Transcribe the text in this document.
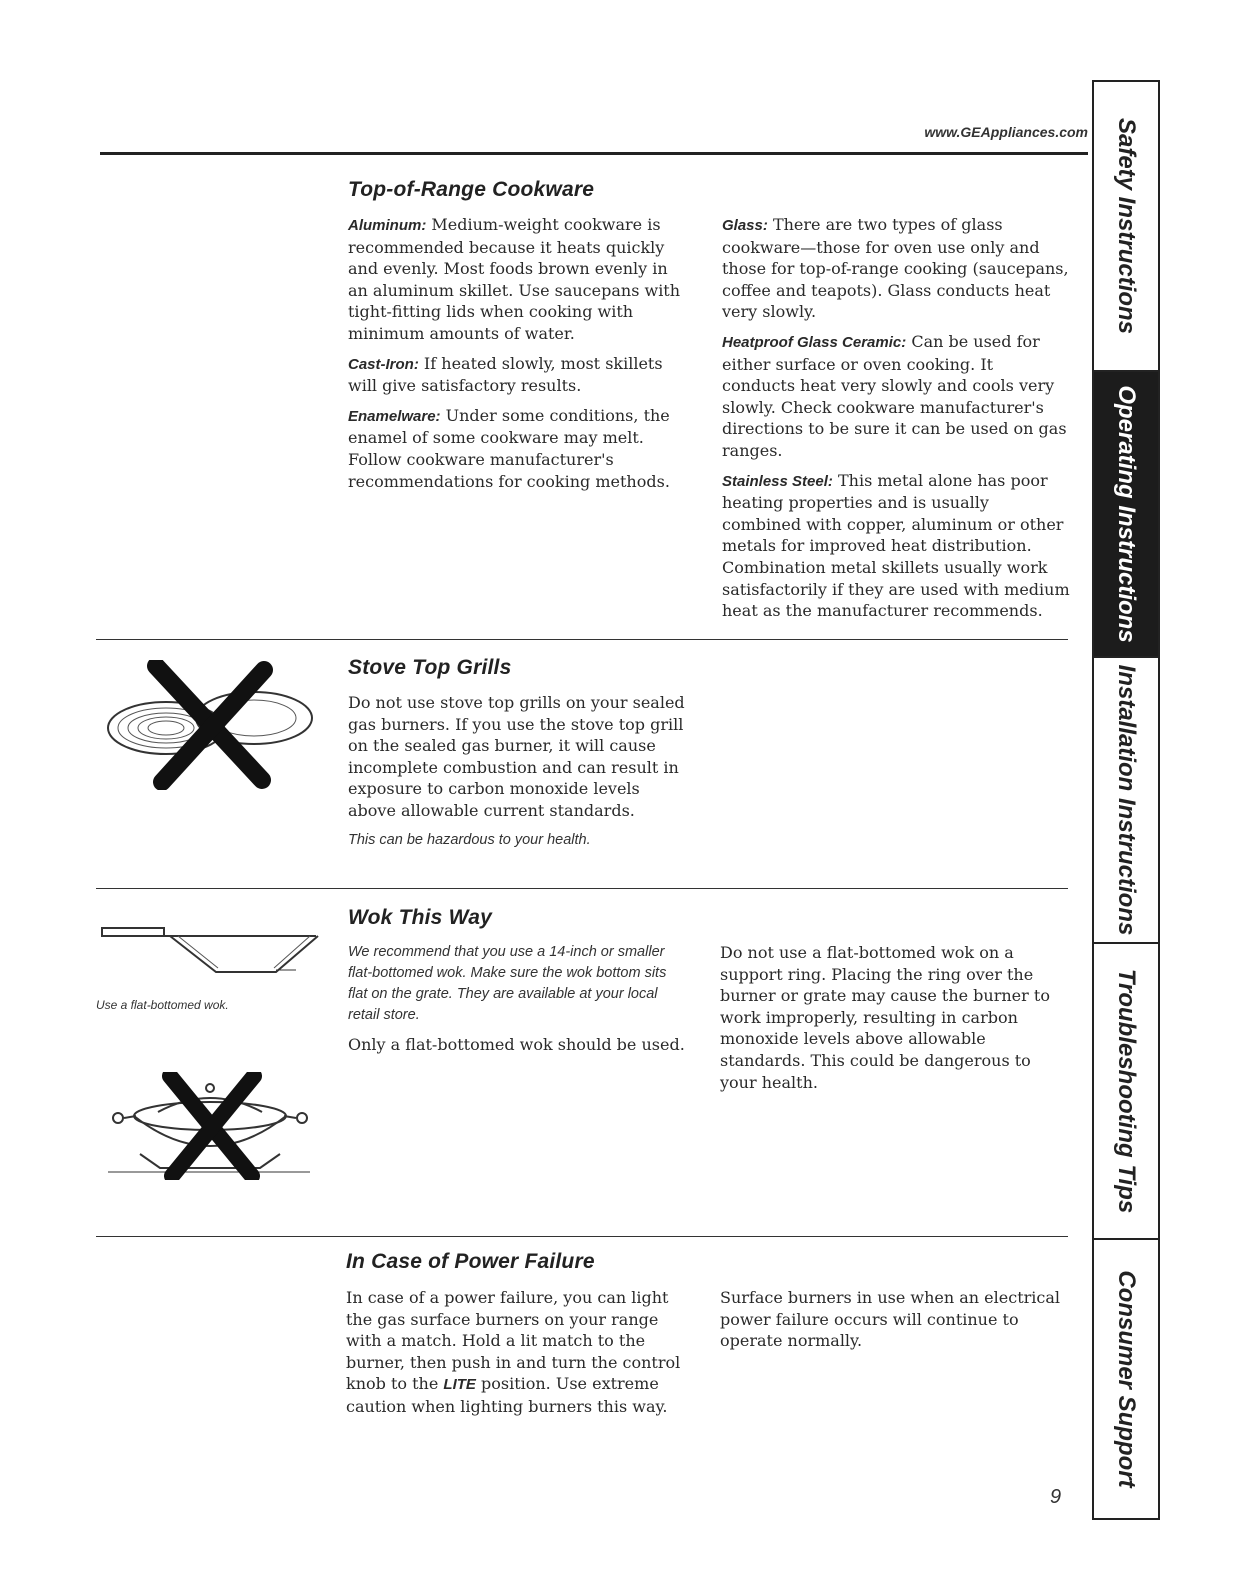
www.GEAppliances.com
Top-of-Range Cookware

Aluminum: Medium-weight cookware is recommended because it heats quickly and evenly. Most foods brown evenly in an aluminum skillet. Use saucepans with tight-fitting lids when cooking with minimum amounts of water.

Cast-Iron: If heated slowly, most skillets will give satisfactory results.

Enamelware: Under some conditions, the enamel of some cookware may melt. Follow cookware manufacturer's recommendations for cooking methods.

Glass: There are two types of glass cookware—those for oven use only and those for top-of-range cooking (saucepans, coffee and teapots). Glass conducts heat very slowly.

Heatproof Glass Ceramic: Can be used for either surface or oven cooking. It conducts heat very slowly and cools very slowly. Check cookware manufacturer's directions to be sure it can be used on gas ranges.

Stainless Steel: This metal alone has poor heating properties and is usually combined with copper, aluminum or other metals for improved heat distribution. Combination metal skillets usually work satisfactorily if they are used with medium heat as the manufacturer recommends.

Stove Top Grills

Do not use stove top grills on your sealed gas burners. If you use the stove top grill on the sealed gas burner, it will cause incomplete combustion and can result in exposure to carbon monoxide levels above allowable current standards.

This can be hazardous to your health.
Use a flat-bottomed wok.
Wok This Way

We recommend that you use a 14-inch or smaller flat-bottomed wok. Make sure the wok bottom sits flat on the grate. They are available at your local retail store.

Only a flat-bottomed wok should be used.

Do not use a flat-bottomed wok on a support ring. Placing the ring over the burner or grate may cause the burner to work improperly, resulting in carbon monoxide levels above allowable standards. This could be dangerous to your health.

In Case of Power Failure

In case of a power failure, you can light the gas surface burners on your range with a match. Hold a lit match to the burner, then push in and turn the control knob to the LITE position. Use extreme caution when lighting burners this way.

Surface burners in use when an electrical power failure occurs will continue to operate normally.

9
Safety Instructions
Operating Instructions
Installation Instructions
Troubleshooting Tips
Consumer Support
